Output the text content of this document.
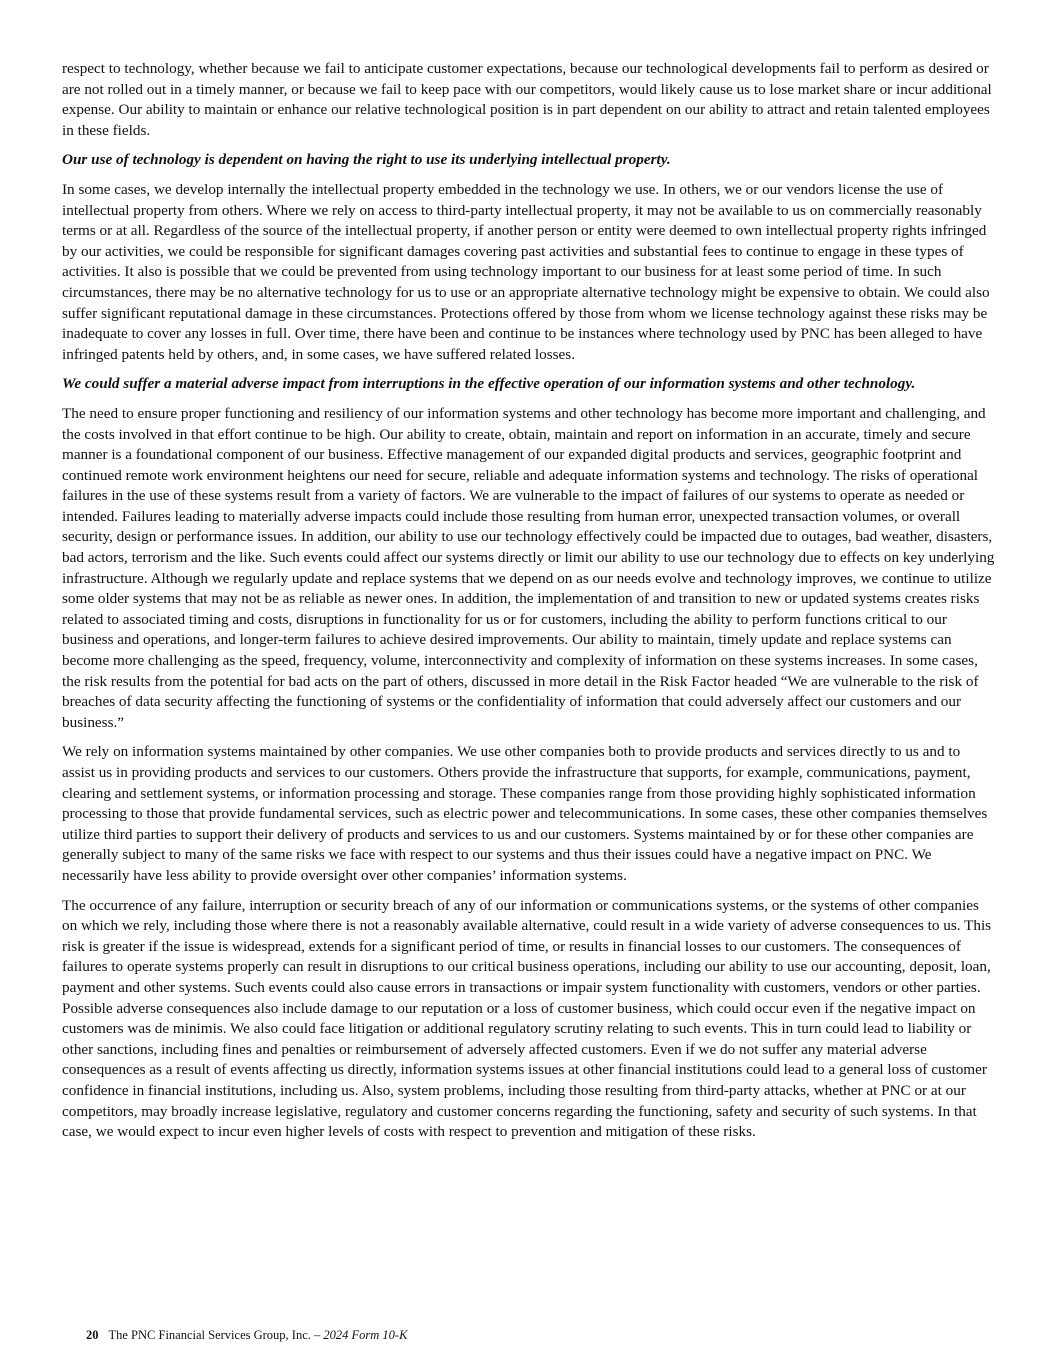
respect to technology, whether because we fail to anticipate customer expectations, because our technological developments fail to perform as desired or are not rolled out in a timely manner, or because we fail to keep pace with our competitors, would likely cause us to lose market share or incur additional expense. Our ability to maintain or enhance our relative technological position is in part dependent on our ability to attract and retain talented employees in these fields.

Our use of technology is dependent on having the right to use its underlying intellectual property.

In some cases, we develop internally the intellectual property embedded in the technology we use. In others, we or our vendors license the use of intellectual property from others. Where we rely on access to third-party intellectual property, it may not be available to us on commercially reasonably terms or at all. Regardless of the source of the intellectual property, if another person or entity were deemed to own intellectual property rights infringed by our activities, we could be responsible for significant damages covering past activities and substantial fees to continue to engage in these types of activities. It also is possible that we could be prevented from using technology important to our business for at least some period of time. In such circumstances, there may be no alternative technology for us to use or an appropriate alternative technology might be expensive to obtain. We could also suffer significant reputational damage in these circumstances. Protections offered by those from whom we license technology against these risks may be inadequate to cover any losses in full. Over time, there have been and continue to be instances where technology used by PNC has been alleged to have infringed patents held by others, and, in some cases, we have suffered related losses.

We could suffer a material adverse impact from interruptions in the effective operation of our information systems and other technology.

The need to ensure proper functioning and resiliency of our information systems and other technology has become more important and challenging, and the costs involved in that effort continue to be high. Our ability to create, obtain, maintain and report on information in an accurate, timely and secure manner is a foundational component of our business. Effective management of our expanded digital products and services, geographic footprint and continued remote work environment heightens our need for secure, reliable and adequate information systems and technology. The risks of operational failures in the use of these systems result from a variety of factors. We are vulnerable to the impact of failures of our systems to operate as needed or intended. Failures leading to materially adverse impacts could include those resulting from human error, unexpected transaction volumes, or overall security, design or performance issues. In addition, our ability to use our technology effectively could be impacted due to outages, bad weather, disasters, bad actors, terrorism and the like. Such events could affect our systems directly or limit our ability to use our technology due to effects on key underlying infrastructure. Although we regularly update and replace systems that we depend on as our needs evolve and technology improves, we continue to utilize some older systems that may not be as reliable as newer ones. In addition, the implementation of and transition to new or updated systems creates risks related to associated timing and costs, disruptions in functionality for us or for customers, including the ability to perform functions critical to our business and operations, and longer-term failures to achieve desired improvements. Our ability to maintain, timely update and replace systems can become more challenging as the speed, frequency, volume, interconnectivity and complexity of information on these systems increases. In some cases, the risk results from the potential for bad acts on the part of others, discussed in more detail in the Risk Factor headed “We are vulnerable to the risk of breaches of data security affecting the functioning of systems or the confidentiality of information that could adversely affect our customers and our business.”

We rely on information systems maintained by other companies. We use other companies both to provide products and services directly to us and to assist us in providing products and services to our customers. Others provide the infrastructure that supports, for example, communications, payment, clearing and settlement systems, or information processing and storage. These companies range from those providing highly sophisticated information processing to those that provide fundamental services, such as electric power and telecommunications. In some cases, these other companies themselves utilize third parties to support their delivery of products and services to us and our customers. Systems maintained by or for these other companies are generally subject to many of the same risks we face with respect to our systems and thus their issues could have a negative impact on PNC. We necessarily have less ability to provide oversight over other companies’ information systems.

The occurrence of any failure, interruption or security breach of any of our information or communications systems, or the systems of other companies on which we rely, including those where there is not a reasonably available alternative, could result in a wide variety of adverse consequences to us. This risk is greater if the issue is widespread, extends for a significant period of time, or results in financial losses to our customers. The consequences of failures to operate systems properly can result in disruptions to our critical business operations, including our ability to use our accounting, deposit, loan, payment and other systems. Such events could also cause errors in transactions or impair system functionality with customers, vendors or other parties. Possible adverse consequences also include damage to our reputation or a loss of customer business, which could occur even if the negative impact on customers was de minimis. We also could face litigation or additional regulatory scrutiny relating to such events. This in turn could lead to liability or other sanctions, including fines and penalties or reimbursement of adversely affected customers. Even if we do not suffer any material adverse consequences as a result of events affecting us directly, information systems issues at other financial institutions could lead to a general loss of customer confidence in financial institutions, including us. Also, system problems, including those resulting from third-party attacks, whether at PNC or at our competitors, may broadly increase legislative, regulatory and customer concerns regarding the functioning, safety and security of such systems. In that case, we would expect to incur even higher levels of costs with respect to prevention and mitigation of these risks.

20 The PNC Financial Services Group, Inc. – 2024 Form 10-K
